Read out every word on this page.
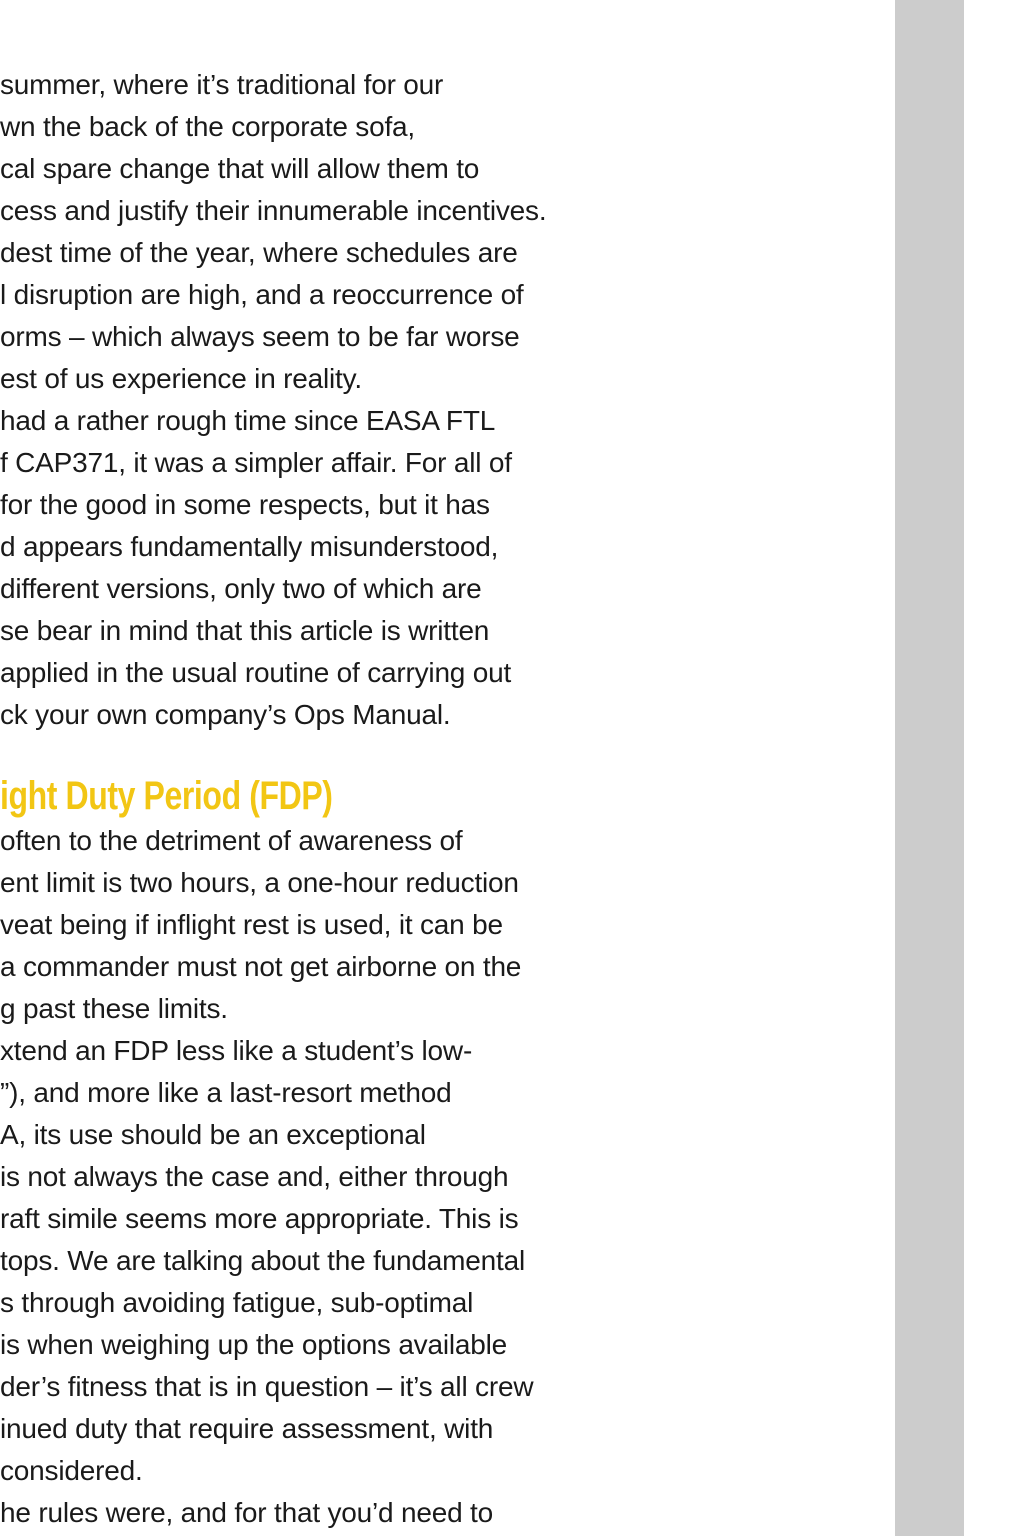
summer, where it’s traditional for our

wn the back of the corporate sofa,

cal spare change that will allow them to

cess and justify their innumerable incentives.

dest time of the year, where schedules are

l disruption are high, and a reoccurrence of

orms – which always seem to be far worse

est of us experience in reality.

had a rather rough time since EASA FTL

f CAP371, it was a simpler affair. For all of

for the good in some respects, but it has

d appears fundamentally misunderstood,

different versions, only two of which are

se bear in mind that this article is written

applied in the usual routine of carrying out

ck your own company’s Ops Manual.

ight Duty Period (FDP)

often to the detriment of awareness of

ent limit is two hours, a one-hour reduction

veat being if inflight rest is used, it can be

a commander must not get airborne on the

g past these limits.

xtend an FDP less like a student’s low-

”), and more like a last-resort method

A, its use should be an exceptional

is not always the case and, either through

raft simile seems more appropriate. This is

tops. We are talking about the fundamental

s through avoiding fatigue, sub-optimal

is when weighing up the options available

der’s fitness that is in question – it’s all crew

inued duty that require assessment, with

considered.

he rules were, and for that you’d need to
